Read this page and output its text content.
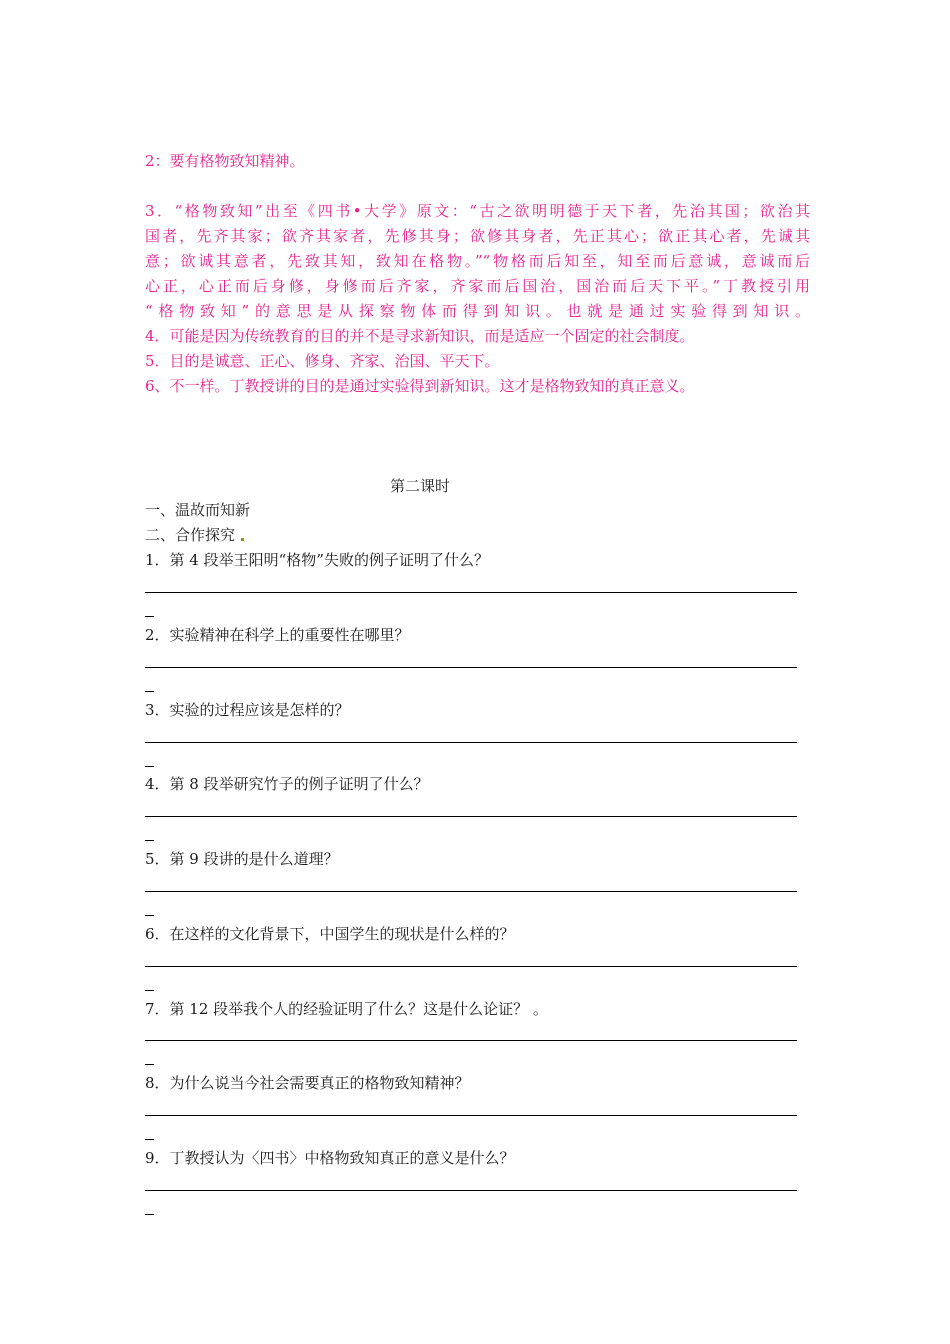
2：要有格物致知精神。
3．“格物致知”出至《四书•大学》原文：“古之欲明明德于天下者，先治其国；欲治其
国者，先齐其家；欲齐其家者，先修其身；欲修其身者，先正其心；欲正其心者，先诚其
意；欲诚其意者，先致其知，致知在格物。”“物格而后知至，知至而后意诚，意诚而后
心正，心正而后身修，身修而后齐家，齐家而后国治，国治而后天下平。”丁教授引用
“格物致知”的意思是从探察物体而得到知识。也就是通过实验得到知识。
4．可能是因为传统教育的目的并不是寻求新知识，而是适应一个固定的社会制度。
5．目的是诚意、正心、修身、齐家、治国、平天下。
6、不一样。丁教授讲的目的是通过实验得到新知识。这才是格物致知的真正意义。
第二课时
一、温故而知新
二、合作探究
1．第 4 段举王阳明“格物”失败的例子证明了什么？
2．实验精神在科学上的重要性在哪里？
3．实验的过程应该是怎样的？
4．第 8 段举研究竹子的例子证明了什么？
5．第 9 段讲的是什么道理？
6．在这样的文化背景下，中国学生的现状是什么样的？
7．第 12 段举我个人的经验证明了什么？这是什么论证？ 。
8．为什么说当今社会需要真正的格物致知精神？
9．丁教授认为〈四书〉中格物致知真正的意义是什么？
